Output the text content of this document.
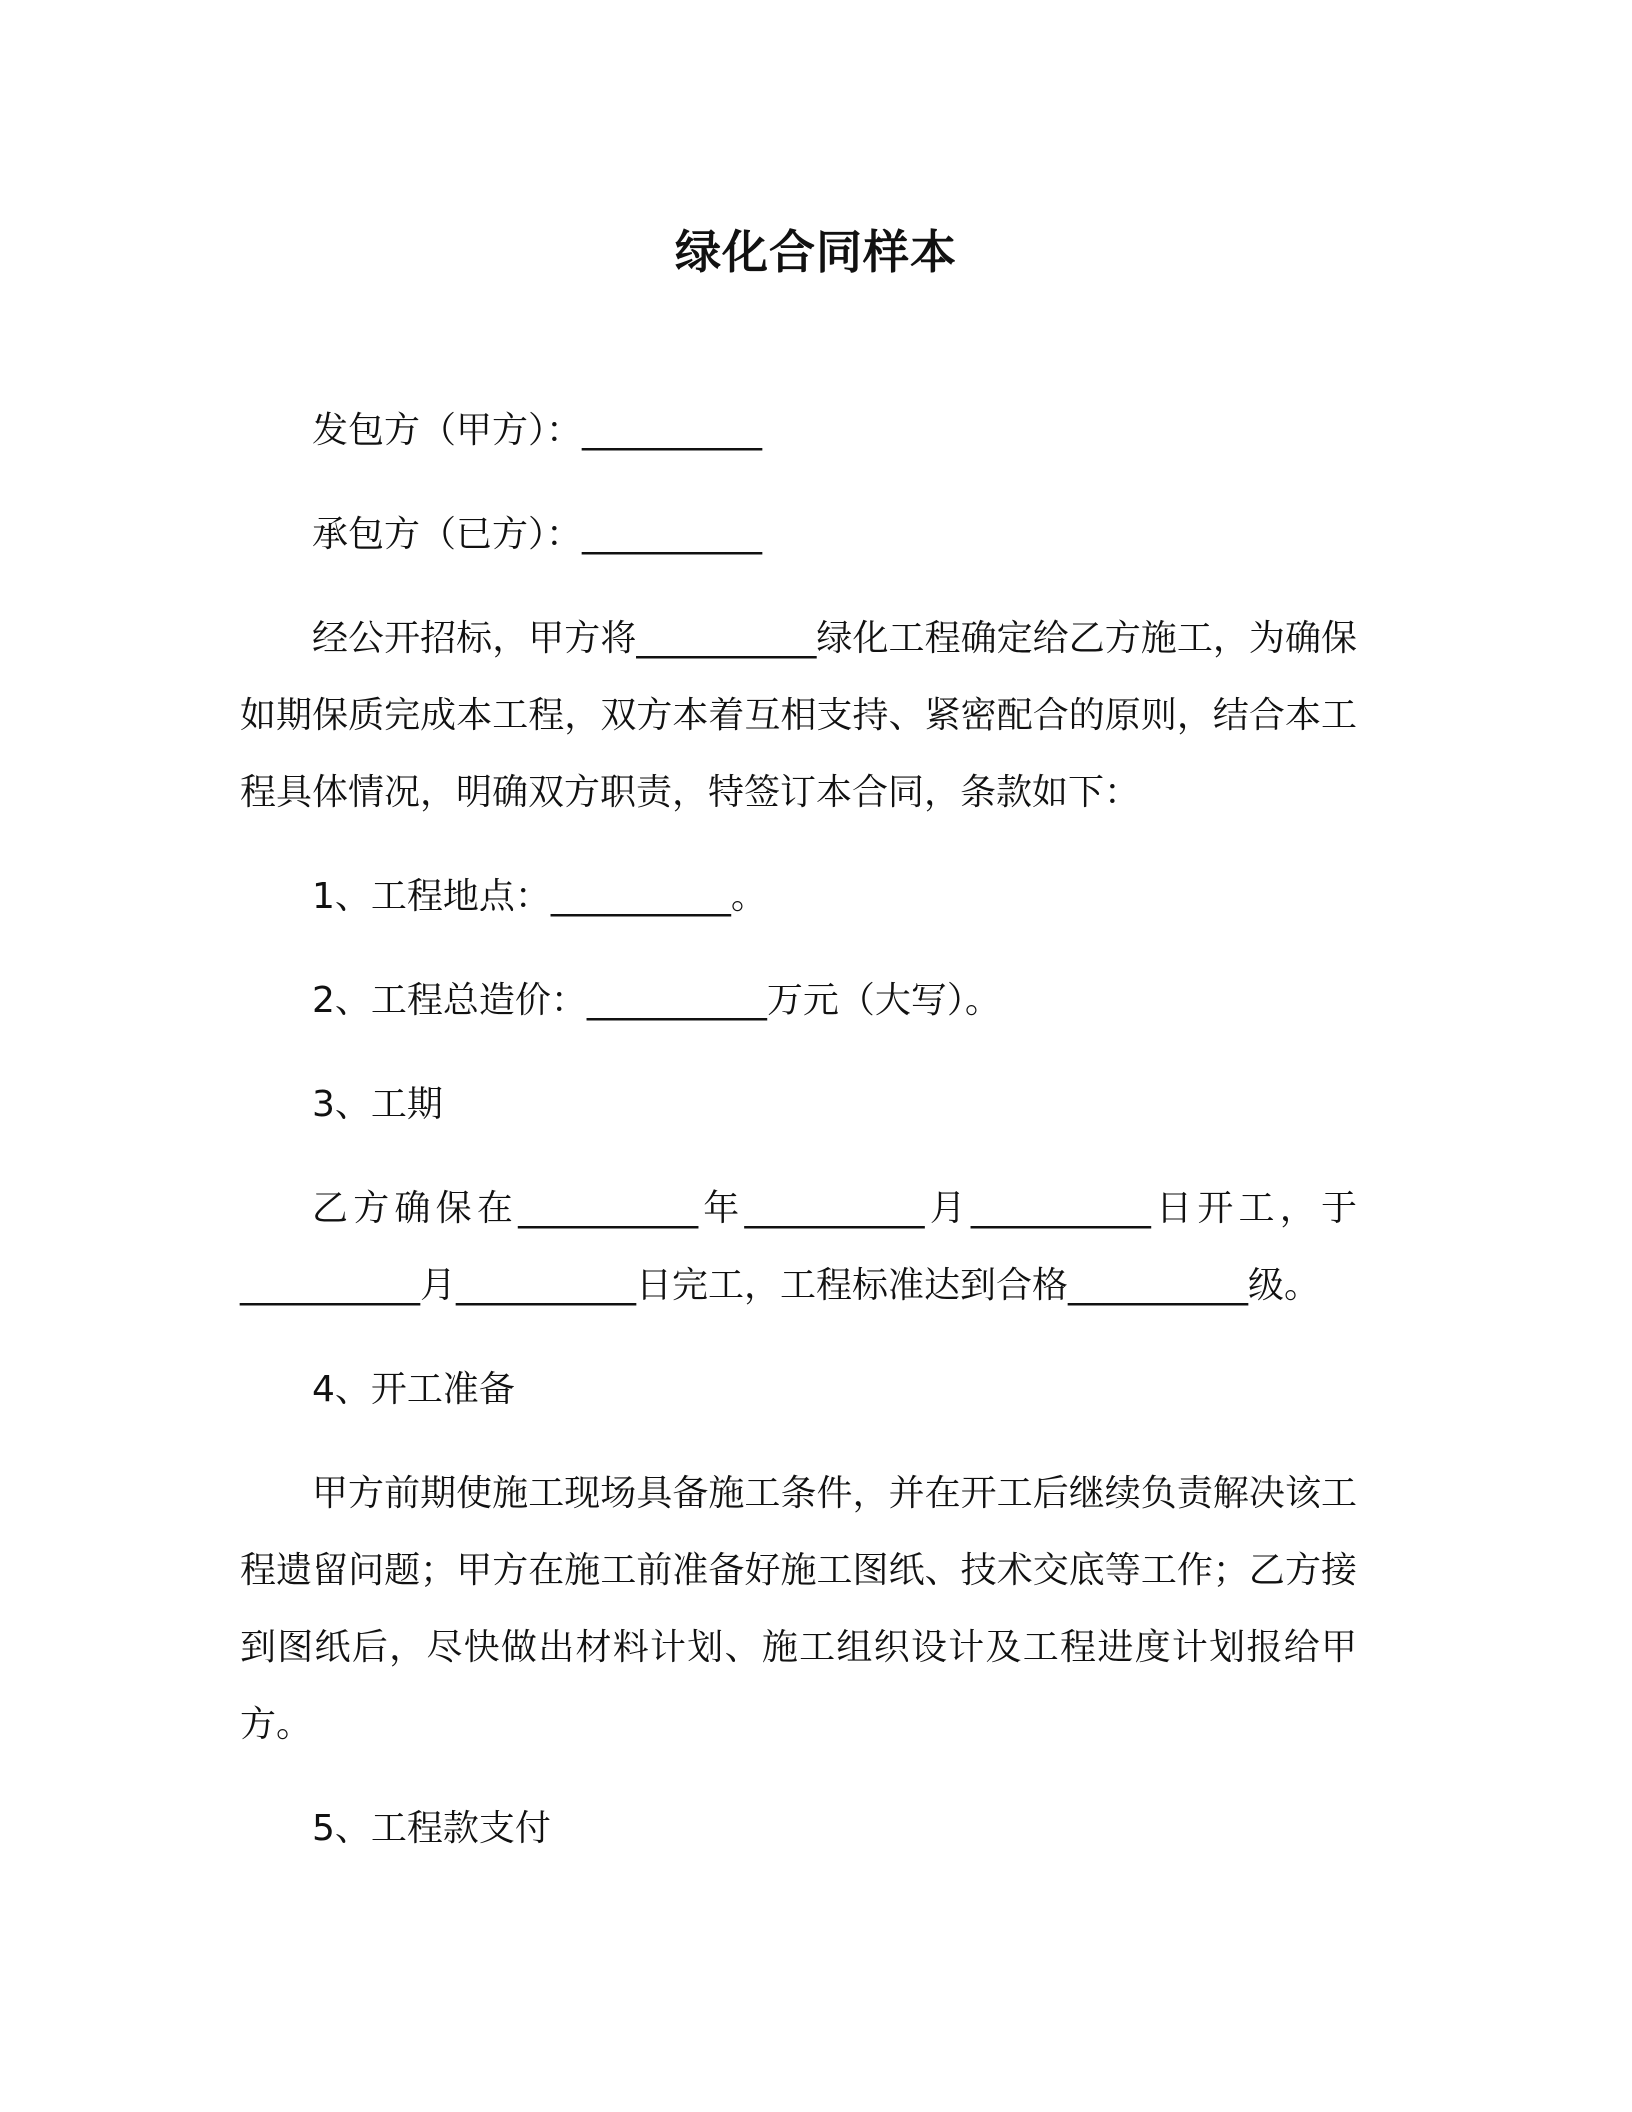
绿化合同样本

发包方（甲方）：__________

承包方（已方）：__________

经公开招标，甲方将__________绿化工程确定给乙方施工，为确保如期保质完成本工程，双方本着互相支持、紧密配合的原则，结合本工程具体情况，明确双方职责，特签订本合同，条款如下：

1、工程地点：__________。

2、工程总造价：__________万元（大写）。

3、工期

乙方确保在__________年__________月__________日开工，于__________月__________日完工，工程标准达到合格__________级。

4、开工准备

甲方前期使施工现场具备施工条件，并在开工后继续负责解决该工程遗留问题；甲方在施工前准备好施工图纸、技术交底等工作；乙方接到图纸后，尽快做出材料计划、施工组织设计及工程进度计划报给甲方。

5、工程款支付
